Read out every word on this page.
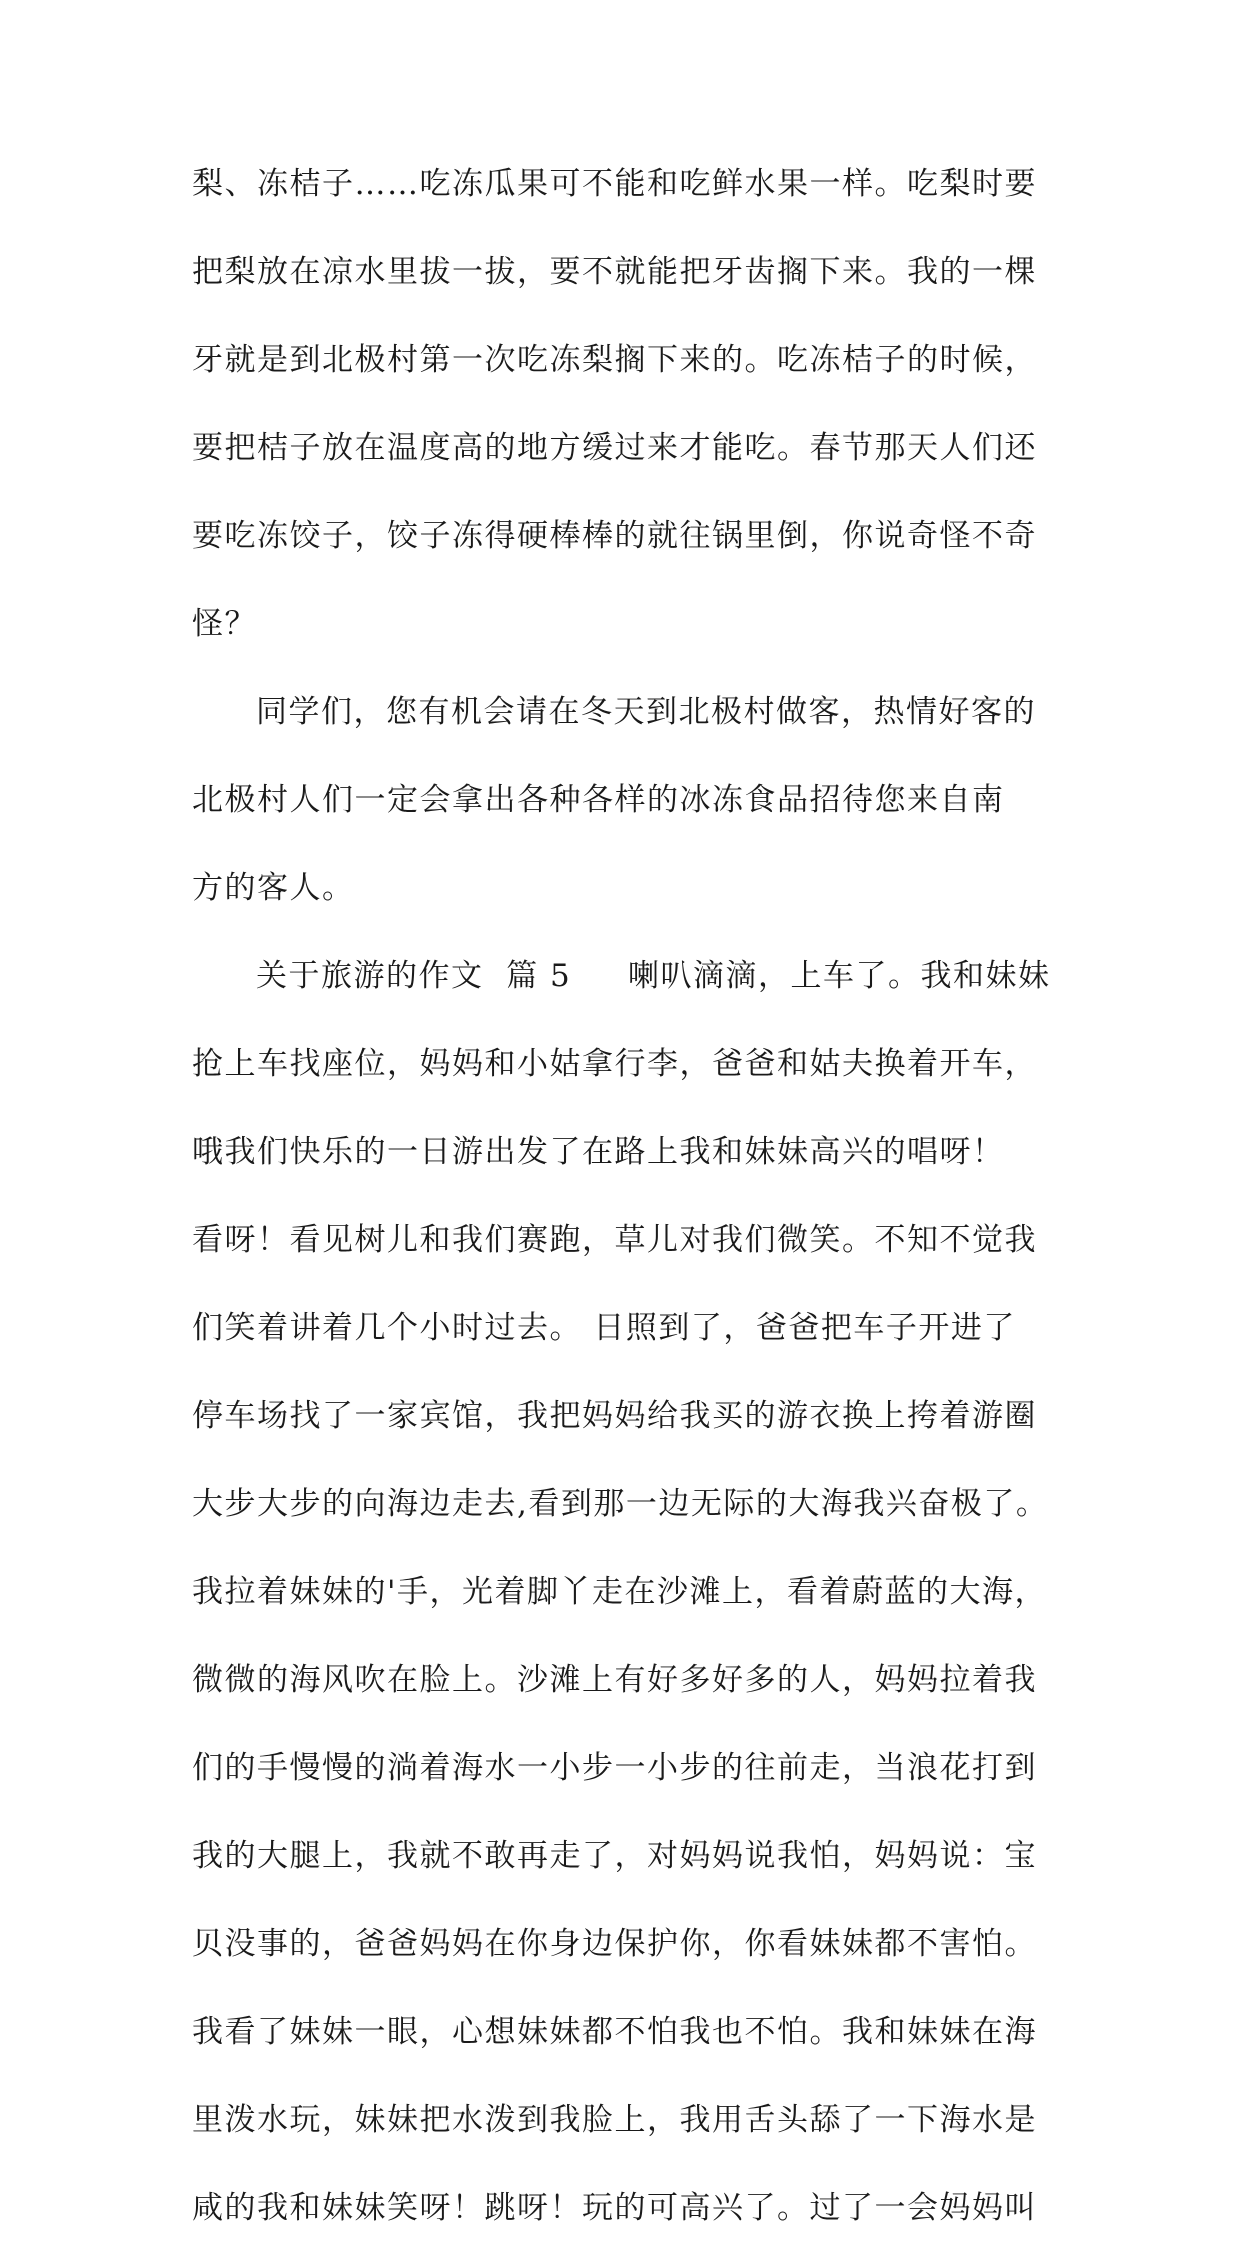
梨、冻桔子……吃冻瓜果可不能和吃鲜水果一样。吃梨时要
把梨放在凉水里拔一拔，要不就能把牙齿搁下来。我的一棵
牙就是到北极村第一次吃冻梨搁下来的。吃冻桔子的时候，
要把桔子放在温度高的地方缓过来才能吃。春节那天人们还
要吃冻饺子，饺子冻得硬棒棒的就往锅里倒，你说奇怪不奇
怪？
同学们，您有机会请在冬天到北极村做客，热情好客的
北极村人们一定会拿出各种各样的冰冻食品招待您来自南
方的客人。
关于旅游的作文  篇 5     喇叭滴滴，上车了。我和妹妹
抢上车找座位，妈妈和小姑拿行李，爸爸和姑夫换着开车，
哦我们快乐的一日游出发了在路上我和妹妹高兴的唱呀！
看呀！看见树儿和我们赛跑，草儿对我们微笑。不知不觉我
们笑着讲着几个小时过去。 日照到了，爸爸把车子开进了
停车场找了一家宾馆，我把妈妈给我买的游衣换上挎着游圈
大步大步的向海边走去,看到那一边无际的大海我兴奋极了。
我拉着妹妹的'手，光着脚丫走在沙滩上，看着蔚蓝的大海，
微微的海风吹在脸上。沙滩上有好多好多的人，妈妈拉着我
们的手慢慢的淌着海水一小步一小步的往前走，当浪花打到
我的大腿上，我就不敢再走了，对妈妈说我怕，妈妈说：宝
贝没事的，爸爸妈妈在你身边保护你，你看妹妹都不害怕。
我看了妹妹一眼，心想妹妹都不怕我也不怕。我和妹妹在海
里泼水玩，妹妹把水泼到我脸上，我用舌头舔了一下海水是
咸的我和妹妹笑呀！跳呀！玩的可高兴了。过了一会妈妈叫
